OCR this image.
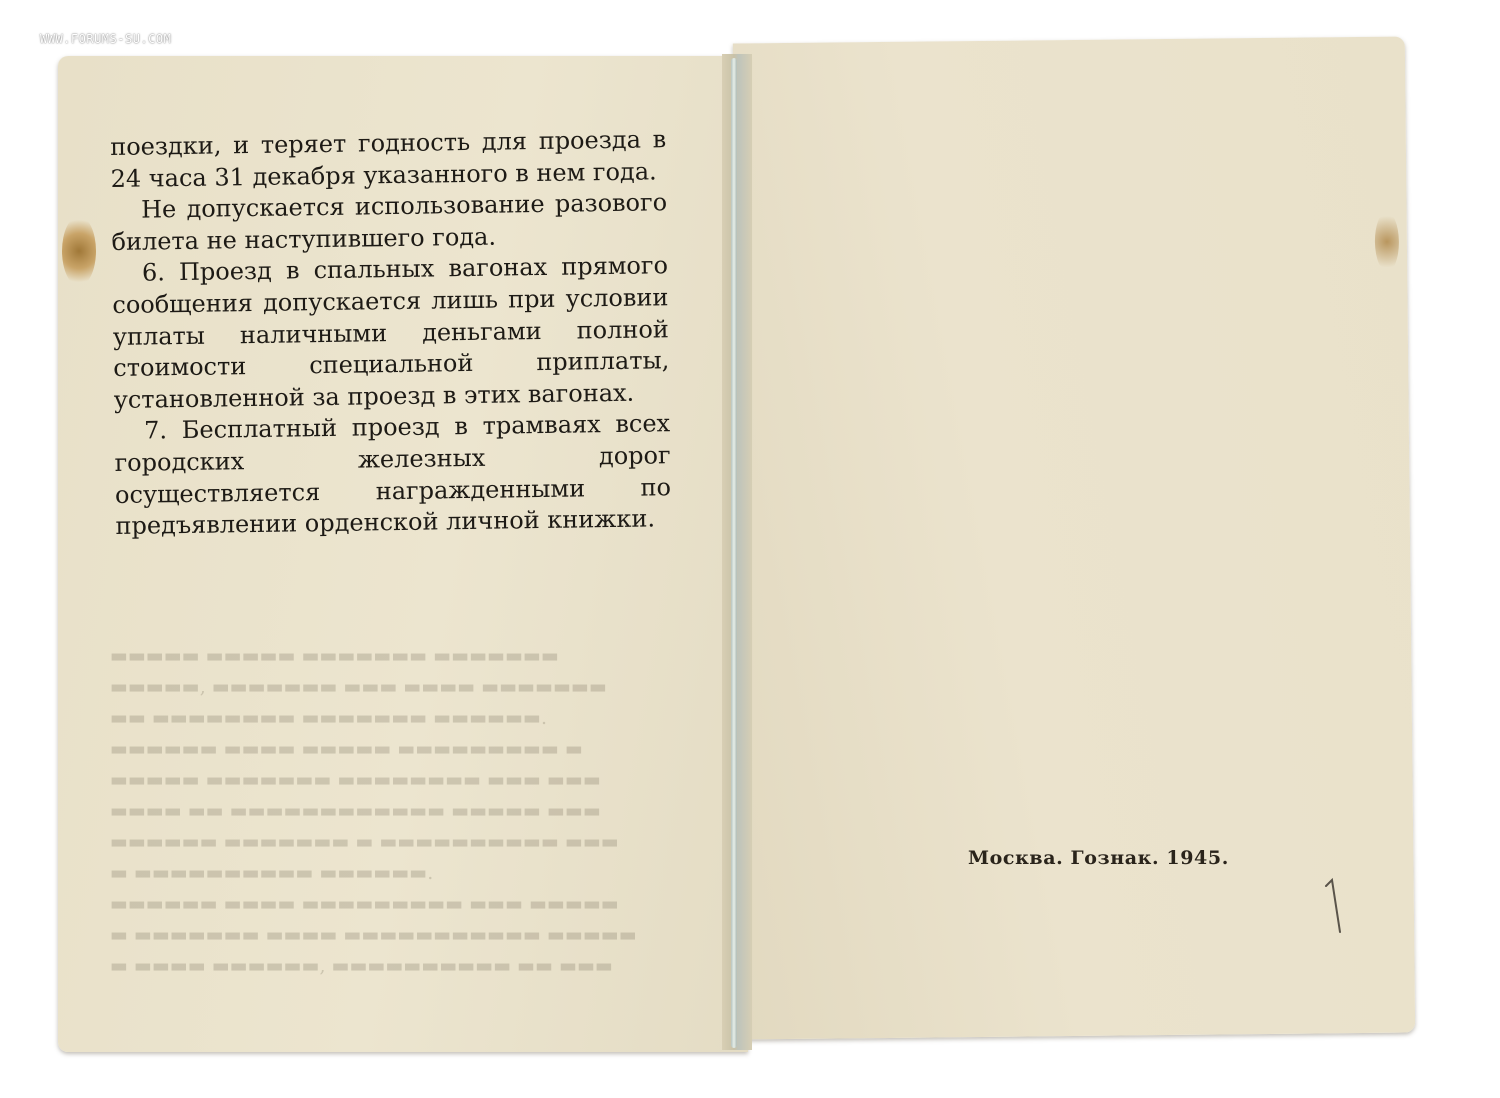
WWW.FORUMS-SU.COM

▬▬▬▬▬ ▬▬▬▬▬ ▬▬▬▬▬▬▬ ▬▬▬▬▬▬▬

▬▬▬▬▬, ▬▬▬▬▬▬▬ ▬▬▬ ▬▬▬▬ ▬▬▬▬▬▬▬

▬▬ ▬▬▬▬▬▬▬▬ ▬▬▬▬▬▬▬ ▬▬▬▬▬▬.

▬▬▬▬▬▬ ▬▬▬▬ ▬▬▬▬▬ ▬▬▬▬▬▬▬▬▬ ▬

▬▬▬▬▬ ▬▬▬▬▬▬▬ ▬▬▬▬▬▬▬▬ ▬▬▬ ▬▬▬

▬▬▬▬ ▬▬ ▬▬▬▬▬▬▬▬▬▬▬▬ ▬▬▬▬▬ ▬▬▬

▬▬▬▬▬▬ ▬▬▬▬▬▬▬ ▬ ▬▬▬▬▬▬▬▬▬▬ ▬▬▬

▬ ▬▬▬▬▬▬▬▬▬▬ ▬▬▬▬▬▬.

▬▬▬▬▬▬ ▬▬▬▬ ▬▬▬▬▬▬▬▬▬ ▬▬▬ ▬▬▬▬▬

▬ ▬▬▬▬▬▬▬ ▬▬▬▬ ▬▬▬▬▬▬▬▬▬▬▬ ▬▬▬▬▬

▬ ▬▬▬▬ ▬▬▬▬▬▬, ▬▬▬▬▬▬▬▬▬▬ ▬▬ ▬▬▬

поездки, и теряет годность для проезда в 24 часа 31 декабря указанного в нем года.

Не допускается использование разового билета не наступившего года.

6. Проезд в спальных вагонах прямого сообщения допускается лишь при условии уплаты наличными деньгами полной стоимости специальной приплаты, установленной за проезд в этих вагонах.

7. Бесплатный проезд в трамваях всех городских железных дорог осуществляется награжденными по предъявлении орденской личной книжки.

Москва. Гознак. 1945.
